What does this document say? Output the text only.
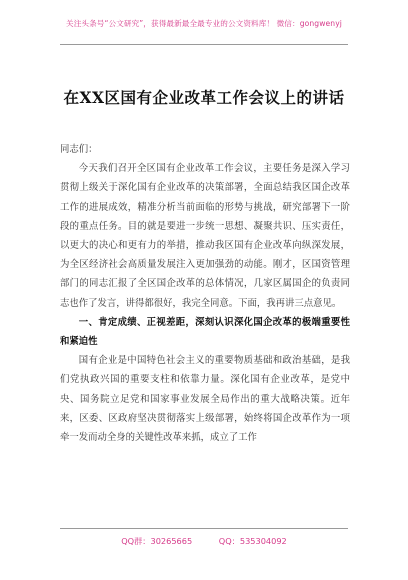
关注头条号“公文研究”，获得最新最全最专业的公文资料库！ 微信：gongwenyj
在XX区国有企业改革工作会议上的讲话

同志们：

今天我们召开全区国有企业改革工作会议，主要任务是深入学习贯彻上级关于深化国有企业改革的决策部署，全面总结我区国企改革工作的进展成效，精准分析当前面临的形势与挑战，研究部署下一阶段的重点任务。目的就是要进一步统一思想、凝聚共识、压实责任，以更大的决心和更有力的举措，推动我区国有企业改革向纵深发展，为全区经济社会高质量发展注入更加强劲的动能。刚才，区国资管理部门的同志汇报了全区国企改革的总体情况，几家区属国企的负责同志也作了发言，讲得都很好，我完全同意。下面，我再讲三点意见。

一、肯定成绩、正视差距，深刻认识深化国企改革的极端重要性和紧迫性

国有企业是中国特色社会主义的重要物质基础和政治基础，是我们党执政兴国的重要支柱和依靠力量。深化国有企业改革，是党中央、国务院立足党和国家事业发展全局作出的重大战略决策。近年来，区委、区政府坚决贯彻落实上级部署，始终将国企改革作为一项牵一发而动全身的关键性改革来抓，成立了工作

QQ群：30265665	QQ：535304092
